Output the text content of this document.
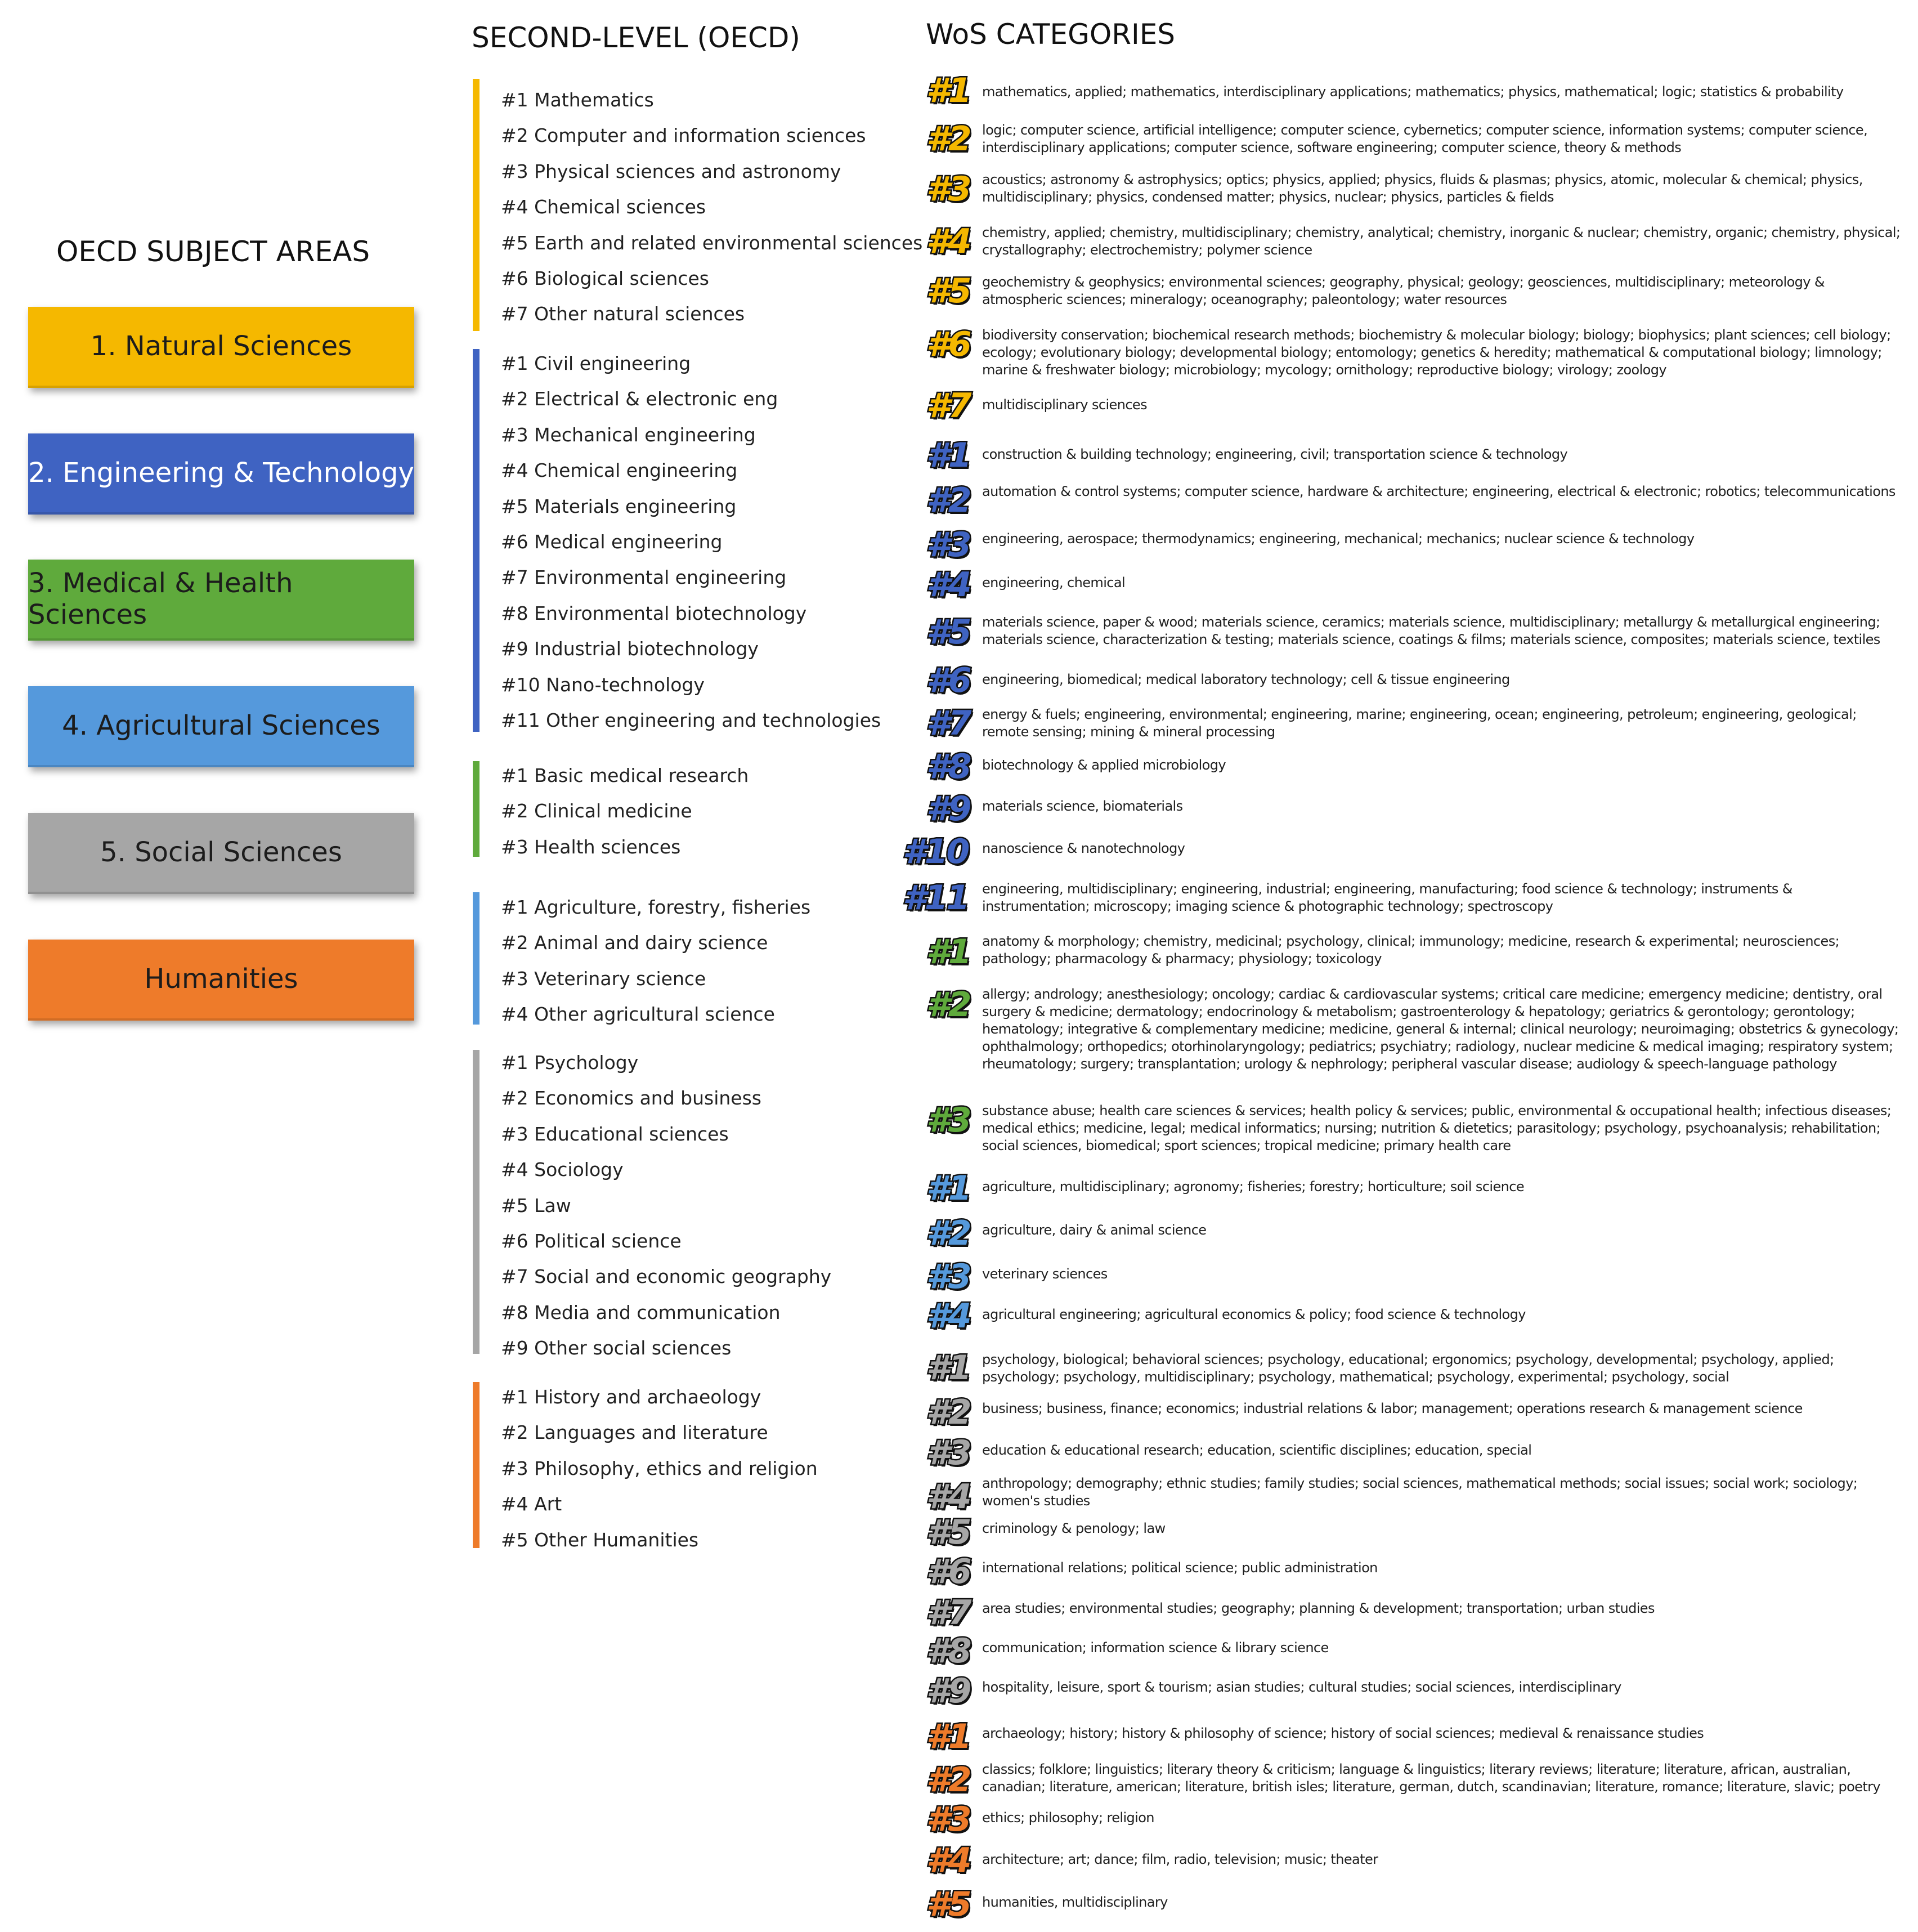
OECD SUBJECT AREAS
SECOND-LEVEL (OECD)	WoS CATEGORIES
1. Natural Sciences
2. Engineering & Technology
3. Medical & Health Sciences
4. Agricultural Sciences
5. Social Sciences
Humanities
#1 Mathematics
#2 Computer and information sciences
#3 Physical sciences and astronomy
#4 Chemical sciences
#5 Earth and related environmental sciences
#6 Biological sciences
#7 Other natural sciences
#1 Civil engineering
#2 Electrical & electronic eng
#3 Mechanical engineering
#4 Chemical engineering
#5 Materials engineering
#6 Medical engineering
#7 Environmental engineering
#8 Environmental biotechnology
#9 Industrial biotechnology
#10 Nano-technology
#11 Other engineering and technologies
#1 Basic medical research
#2 Clinical medicine
#3 Health sciences
#1 Agriculture, forestry, fisheries
#2 Animal and dairy science
#3 Veterinary science
#4 Other agricultural science
#1 Psychology
#2 Economics and business
#3 Educational sciences
#4 Sociology
#5 Law
#6 Political science
#7 Social and economic geography
#8 Media and communication
#9 Other social sciences
#1 History and archaeology
#2 Languages and literature
#3 Philosophy, ethics and religion
#4 Art
#5 Other Humanities
#1 mathematics, applied; mathematics, interdisciplinary applications; mathematics; physics, mathematical; logic; statistics & probability
#2 logic; computer science, artificial intelligence; computer science, cybernetics; computer science, information systems; computer science, interdisciplinary applications; computer science, software engineering; computer science, theory & methods
#3 acoustics; astronomy & astrophysics; optics; physics, applied; physics, fluids & plasmas; physics, atomic, molecular & chemical; physics, multidisciplinary; physics, condensed matter; physics, nuclear; physics, particles & fields
#4 chemistry, applied; chemistry, multidisciplinary; chemistry, analytical; chemistry, inorganic & nuclear; chemistry, organic; chemistry, physical; crystallography; electrochemistry; polymer science
#5 geochemistry & geophysics; environmental sciences; geography, physical; geology; geosciences, multidisciplinary; meteorology & atmospheric sciences; mineralogy; oceanography; paleontology; water resources
#6 biodiversity conservation; biochemical research methods; biochemistry & molecular biology; biology; biophysics; plant sciences; cell biology; ecology; evolutionary biology; developmental biology; entomology; genetics & heredity; mathematical & computational biology; limnology; marine & freshwater biology; microbiology; mycology; ornithology; reproductive biology; virology; zoology
#7 multidisciplinary sciences
#1 construction & building technology; engineering, civil; transportation science & technology
#2 automation & control systems; computer science, hardware & architecture; engineering, electrical & electronic; robotics; telecommunications
#3 engineering, aerospace; thermodynamics; engineering, mechanical; mechanics; nuclear science & technology
#4 engineering, chemical
#5 materials science, paper & wood; materials science, ceramics; materials science, multidisciplinary; metallurgy & metallurgical engineering; materials science, characterization & testing; materials science, coatings & films; materials science, composites; materials science, textiles
#6 engineering, biomedical; medical laboratory technology; cell & tissue engineering
#7 energy & fuels; engineering, environmental; engineering, marine; engineering, ocean; engineering, petroleum; engineering, geological; remote sensing; mining & mineral processing
#8 biotechnology & applied microbiology
#9 materials science, biomaterials
#10 nanoscience & nanotechnology
#11 engineering, multidisciplinary; engineering, industrial; engineering, manufacturing; food science & technology; instruments & instrumentation; microscopy; imaging science & photographic technology; spectroscopy
#1 anatomy & morphology; chemistry, medicinal; psychology, clinical; immunology; medicine, research & experimental; neurosciences; pathology; pharmacology & pharmacy; physiology; toxicology
#2 allergy; andrology; anesthesiology; oncology; cardiac & cardiovascular systems; critical care medicine; emergency medicine; dentistry, oral surgery & medicine; dermatology; endocrinology & metabolism; gastroenterology & hepatology; geriatrics & gerontology; gerontology; hematology; integrative & complementary medicine; medicine, general & internal; clinical neurology; neuroimaging; obstetrics & gynecology; ophthalmology; orthopedics; otorhinolaryngology; pediatrics; psychiatry; radiology, nuclear medicine & medical imaging; respiratory system; rheumatology; surgery; transplantation; urology & nephrology; peripheral vascular disease; audiology & speech-language pathology
#3 substance abuse; health care sciences & services; health policy & services; public, environmental & occupational health; infectious diseases; medical ethics; medicine, legal; medical informatics; nursing; nutrition & dietetics; parasitology; psychology, psychoanalysis; rehabilitation; social sciences, biomedical; sport sciences; tropical medicine; primary health care
#1 agriculture, multidisciplinary; agronomy; fisheries; forestry; horticulture; soil science
#2 agriculture, dairy & animal science
#3 veterinary sciences
#4 agricultural engineering; agricultural economics & policy; food science & technology
#1 psychology, biological; behavioral sciences; psychology, educational; ergonomics; psychology, developmental; psychology, applied; psychology; psychology, multidisciplinary; psychology, mathematical; psychology, experimental; psychology, social
#2 business; business, finance; economics; industrial relations & labor; management; operations research & management science
#3 education & educational research; education, scientific disciplines; education, special
#4 anthropology; demography; ethnic studies; family studies; social sciences, mathematical methods; social issues; social work; sociology; women's studies
#5 criminology & penology; law
#6 international relations; political science; public administration
#7 area studies; environmental studies; geography; planning & development; transportation; urban studies
#8 communication; information science & library science
#9 hospitality, leisure, sport & tourism; asian studies; cultural studies; social sciences, interdisciplinary
#1 archaeology; history; history & philosophy of science; history of social sciences; medieval & renaissance studies
#2 classics; folklore; linguistics; literary theory & criticism; language & linguistics; literary reviews; literature; literature, african, australian, canadian; literature, american; literature, british isles; literature, german, dutch, scandinavian; literature, romance; literature, slavic; poetry
#3 ethics; philosophy; religion
#4 architecture; art; dance; film, radio, television; music; theater
#5 humanities, multidisciplinary
